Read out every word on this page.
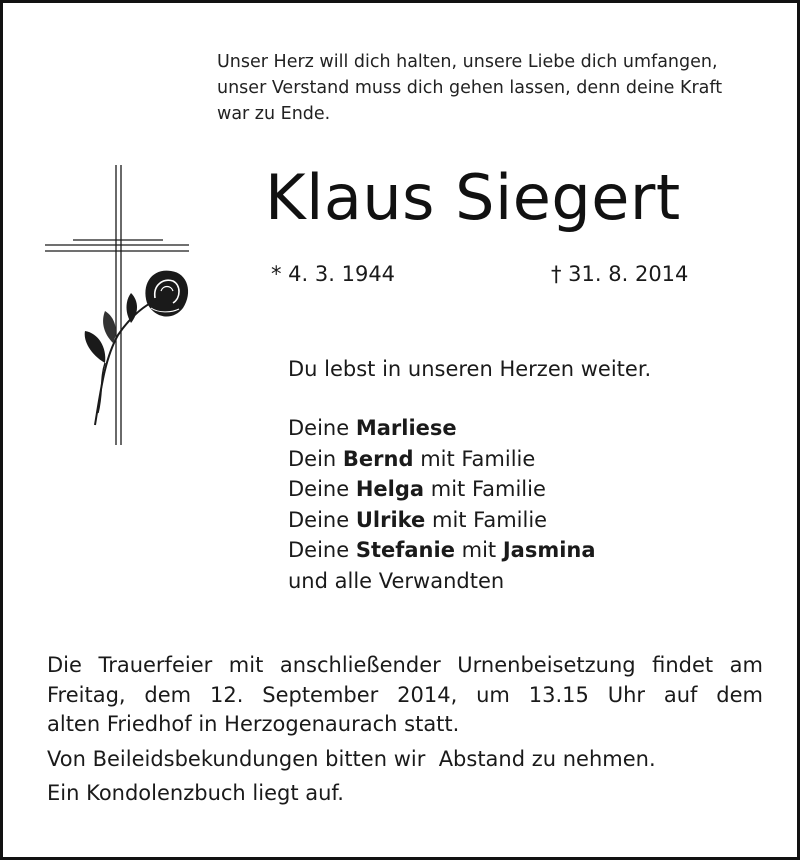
Unser Herz will dich halten, unsere Liebe dich umfangen,
unser Verstand muss dich gehen lassen, denn deine Kraft
war zu Ende.
Klaus Siegert
* 4. 3. 1944	† 31. 8. 2014
Du lebst in unseren Herzen weiter.
Deine Marliese
Dein Bernd mit Familie
Deine Helga mit Familie
Deine Ulrike mit Familie
Deine Stefanie mit Jasmina
und alle Verwandten
Die Trauerfeier mit anschließender Urnenbeisetzung findet am
Freitag, dem 12. September 2014, um 13.15 Uhr auf dem
alten Friedhof in Herzogenaurach statt.
Von Beileidsbekundungen bitten wir  Abstand zu nehmen.
Ein Kondolenzbuch liegt auf.
